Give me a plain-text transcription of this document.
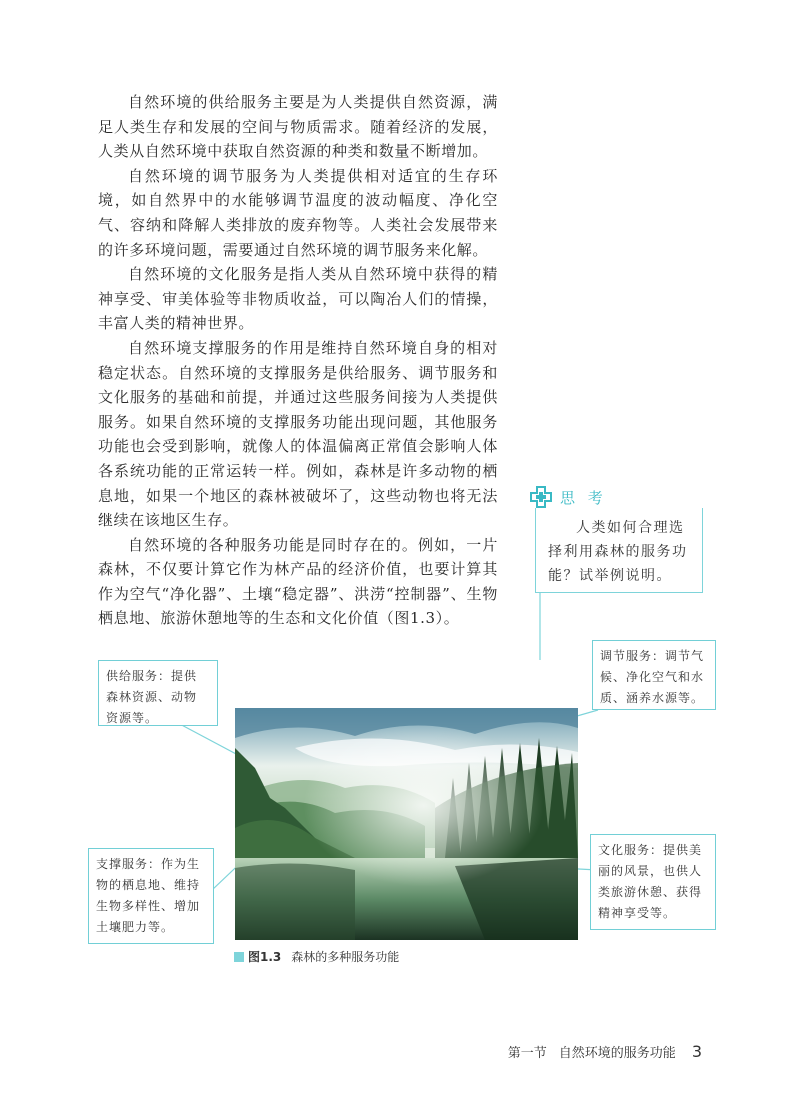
自然环境的供给服务主要是为人类提供自然资源，满足人类生存和发展的空间与物质需求。随着经济的发展，人类从自然环境中获取自然资源的种类和数量不断增加。

自然环境的调节服务为人类提供相对适宜的生存环境，如自然界中的水能够调节温度的波动幅度、净化空气、容纳和降解人类排放的废弃物等。人类社会发展带来的许多环境问题，需要通过自然环境的调节服务来化解。

自然环境的文化服务是指人类从自然环境中获得的精神享受、审美体验等非物质收益，可以陶冶人们的情操，丰富人类的精神世界。

自然环境支撑服务的作用是维持自然环境自身的相对稳定状态。自然环境的支撑服务是供给服务、调节服务和文化服务的基础和前提，并通过这些服务间接为人类提供服务。如果自然环境的支撑服务功能出现问题，其他服务功能也会受到影响，就像人的体温偏离正常值会影响人体各系统功能的正常运转一样。例如，森林是许多动物的栖息地，如果一个地区的森林被破坏了，这些动物也将无法继续在该地区生存。

自然环境的各种服务功能是同时存在的。例如，一片森林，不仅要计算它作为林产品的经济价值，也要计算其作为空气“净化器”、土壤“稳定器”、洪涝“控制器”、生物栖息地、旅游休憩地等的生态和文化价值（图1.3）。

思 考
人类如何合理选
择利用森林的服务功
能？试举例说明。
供给服务：提供
森林资源、动物
资源等。
调节服务：调节气
候、净化空气和水
质、涵养水源等。
支撑服务：作为生
物的栖息地、维持
生物多样性、增加
土壤肥力等。
文化服务：提供美
丽的风景，也供人
类旅游休憩、获得
精神享受等。
图1.3 森林的多种服务功能
第一节 自然环境的服务功能 3
